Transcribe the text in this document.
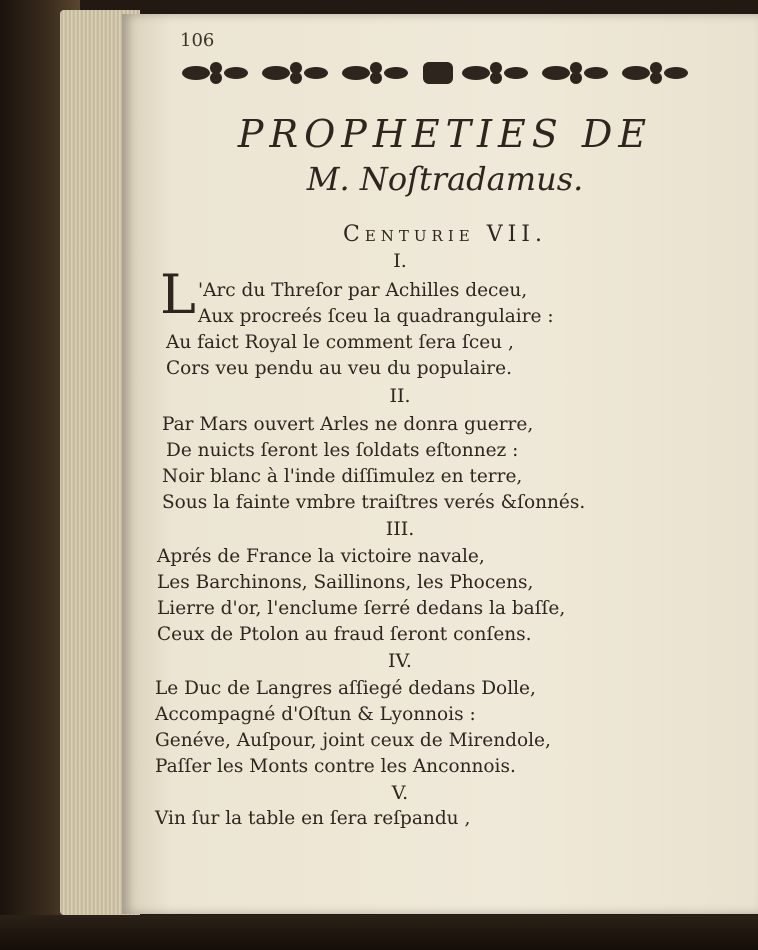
106
PROPHETIES DE
M. Noſtradamus.
Centurie VII.
I.
L 'Arc du Threſor par Achilles deceu,
Aux procreés ſceu la quadrangulaire :
Au faict Royal le comment ſera ſceu ,
Cors veu pendu au veu du populaire.
II.
Par Mars ouvert Arles ne donra guerre,
De nuicts ſeront les ſoldats eſtonnez :
Noir blanc à l'inde diſſimulez en terre,
Sous la fainte vmbre traiſtres verés &ſonnés.
III.
Aprés de France la victoire navale,
Les Barchinons, Saillinons, les Phocens,
Lierre d'or, l'enclume ſerré dedans la baſſe,
Ceux de Ptolon au fraud ſeront conſens.
IV.
Le Duc de Langres aſſiegé dedans Dolle,
Accompagné d'Oſtun & Lyonnois :
Genéve, Auſpour, joint ceux de Mirendole,
Paſſer les Monts contre les Anconnois.
V.
Vin ſur la table en ſera reſpandu ,
